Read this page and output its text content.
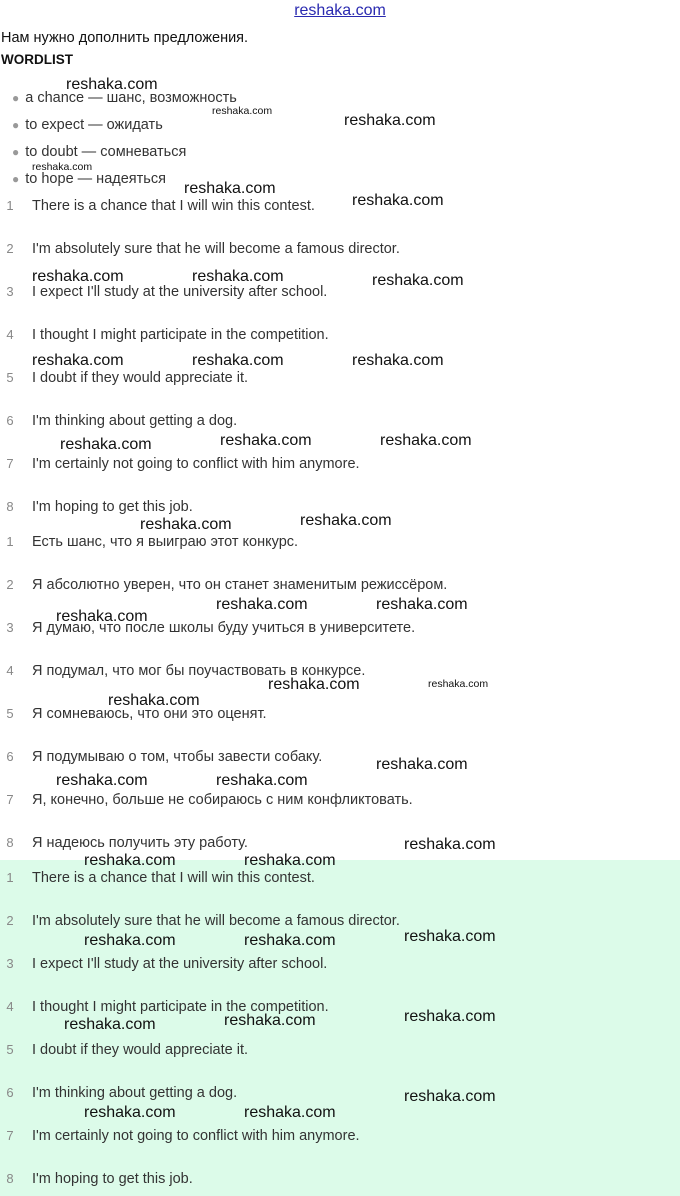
reshaka.com
Нам нужно дополнить предложения.
WORDLIST
● a chance — шанс, возможность
● to expect — ожидать
● to doubt — сомневаться
● to hope — надеяться
1	There is a chance that I will win this contest.
2	I'm absolutely sure that he will become a famous director.
3	I expect I'll study at the university after school.
4	I thought I might participate in the competition.
5	I doubt if they would appreciate it.
6	I'm thinking about getting a dog.
7	I'm certainly not going to conflict with him anymore.
8	I'm hoping to get this job.
1	Есть шанс, что я выиграю этот конкурс.
2	Я абсолютно уверен, что он станет знаменитым режиссёром.
3	Я думаю, что после школы буду учиться в университете.
4	Я подумал, что мог бы поучаствовать в конкурсе.
5	Я сомневаюсь, что они это оценят.
6	Я подумываю о том, чтобы завести собаку.
7	Я, конечно, больше не собираюсь с ним конфликтовать.
8	Я надеюсь получить эту работу.
1	There is a chance that I will win this contest.
2	I'm absolutely sure that he will become a famous director.
3	I expect I'll study at the university after school.
4	I thought I might participate in the competition.
5	I doubt if they would appreciate it.
6	I'm thinking about getting a dog.
7	I'm certainly not going to conflict with him anymore.
8	I'm hoping to get this job.
reshaka.com
reshaka.com
reshaka.com
reshaka.com
reshaka.com
reshaka.com
reshaka.com	reshaka.com	reshaka.com
reshaka.com	reshaka.com	reshaka.com
reshaka.com	reshaka.com	reshaka.com
reshaka.com	reshaka.com
reshaka.com
reshaka.com	reshaka.com
reshaka.com	reshaka.com
reshaka.com
reshaka.com
reshaka.com	reshaka.com
reshaka.com
reshaka.com	reshaka.com
reshaka.com
reshaka.com	reshaka.com
reshaka.com
reshaka.com
reshaka.com
reshaka.com
reshaka.com	reshaka.com
